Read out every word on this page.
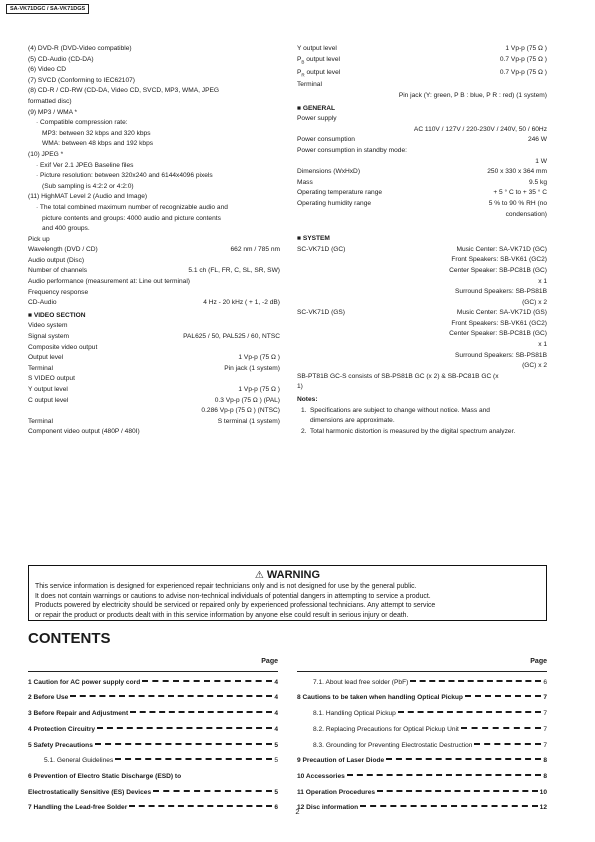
SA-VK71DGC / SA-VK71DGS
(4) DVD-R (DVD-Video compatible)
(5) CD-Audio (CD-DA)
(6) Video CD
(7) SVCD (Conforming to IEC62107)
(8) CD-R / CD-RW (CD-DA, Video CD, SVCD, MP3, WMA, JPEG
formatted disc)
(9) MP3 / WMA *
· Compatible compression rate:
MP3: between 32 kbps and 320 kbps
WMA: between 48 kbps and 192 kbps
(10) JPEG *
· Exif Ver 2.1 JPEG Baseline files
· Picture resolution: between 320x240 and 6144x4096 pixels
(Sub sampling is 4:2:2 or 4:2:0)
(11) HighMAT Level 2 (Audio and Image)
· The total combined maximum number of recognizable audio and
picture contents and groups: 4000 audio and picture contents
and 400 groups.
Pick up
Wavelength (DVD / CD)	662 nm / 785 nm
Audio output (Disc)
Number of channels	5.1 ch (FL, FR, C, SL, SR, SW)
Audio performance (measurement at: Line out terminal)
Frequency response
CD-Audio	4 Hz - 20 kHz ( + 1, -2 dB)
■ VIDEO SECTION
Video system
Signal system	PAL625 / 50, PAL525 / 60, NTSC
Composite video output
Output level	1 Vp-p (75 Ω )
Terminal	Pin jack (1 system)
S VIDEO output
Y output level	1 Vp-p (75 Ω )
C output level	0.3 Vp-p (75 Ω ) (PAL)
0.286 Vp-p (75 Ω ) (NTSC)
Terminal	S terminal (1 system)
Component video output (480P / 480I)
Y output level	1 Vp-p (75 Ω )
$P_B$ output level	0.7 Vp-p (75 Ω )
$P_R$ output level	0.7 Vp-p (75 Ω )
Terminal
Pin jack (Y: green, P B : blue, P R : red) (1 system)
■ GENERAL
Power supply
AC 110V / 127V / 220-230V / 240V, 50 / 60Hz
Power consumption	246 W
Power consumption in standby mode:
1 W
Dimensions (WxHxD)	250 x 330 x 364 mm
Mass	9.5 kg
Operating temperature range	+ 5 ° C to + 35 ° C
Operating humidity range	5 % to 90 % RH (no
condensation)
■ SYSTEM
SC-VK71D (GC)	Music Center: SA-VK71D (GC)
Front Speakers: SB-VK61 (GC2)
Center Speaker: SB-PC81B (GC)
x 1
Surround Speakers: SB-PS81B
(GC) x 2
SC-VK71D (GS)	Music Center: SA-VK71D (GS)
Front Speakers: SB-VK61 (GC2)
Center Speaker: SB-PC81B (GC)
x 1
Surround Speakers: SB-PS81B
(GC) x 2
SB-PT81B GC-S consists of SB-PS81B GC (x 2) & SB-PC81B GC (x
1)
Notes:
1. Specifications are subject to change without notice. Mass and dimensions are approximate.
2. Total harmonic distortion is measured by the digital spectrum analyzer.
⚠ WARNING
This service information is designed for experienced repair technicians only and is not designed for use by the general public.
It does not contain warnings or cautions to advise non-technical individuals of potential dangers in attempting to service a product.
Products powered by electricity should be serviced or repaired only by experienced professional technicians. Any attempt to service
or repair the product or products dealt with in this service information by anyone else could result in serious injury or death.
CONTENTS
Page
1 Caution for AC power supply cord	4
2 Before Use	4
3 Before Repair and Adjustment	4
4 Protection Circuitry	4
5 Safety Precautions	5
5.1. General Guidelines	5
6 Prevention of Electro Static Discharge (ESD) to
Electrostatically Sensitive (ES) Devices	5
7 Handling the Lead-free Solder	6
Page
7.1. About lead free solder (PbF)	6
8 Cautions to be taken when handling Optical Pickup	7
8.1. Handling Optical Pickup	7
8.2. Replacing Precautions for Optical Pickup Unit	7
8.3. Grounding for Preventing Electrostatic Destruction	7
9 Precaution of Laser Diode	8
10 Accessories	8
11 Operation Procedures	10
12 Disc information	12
2
